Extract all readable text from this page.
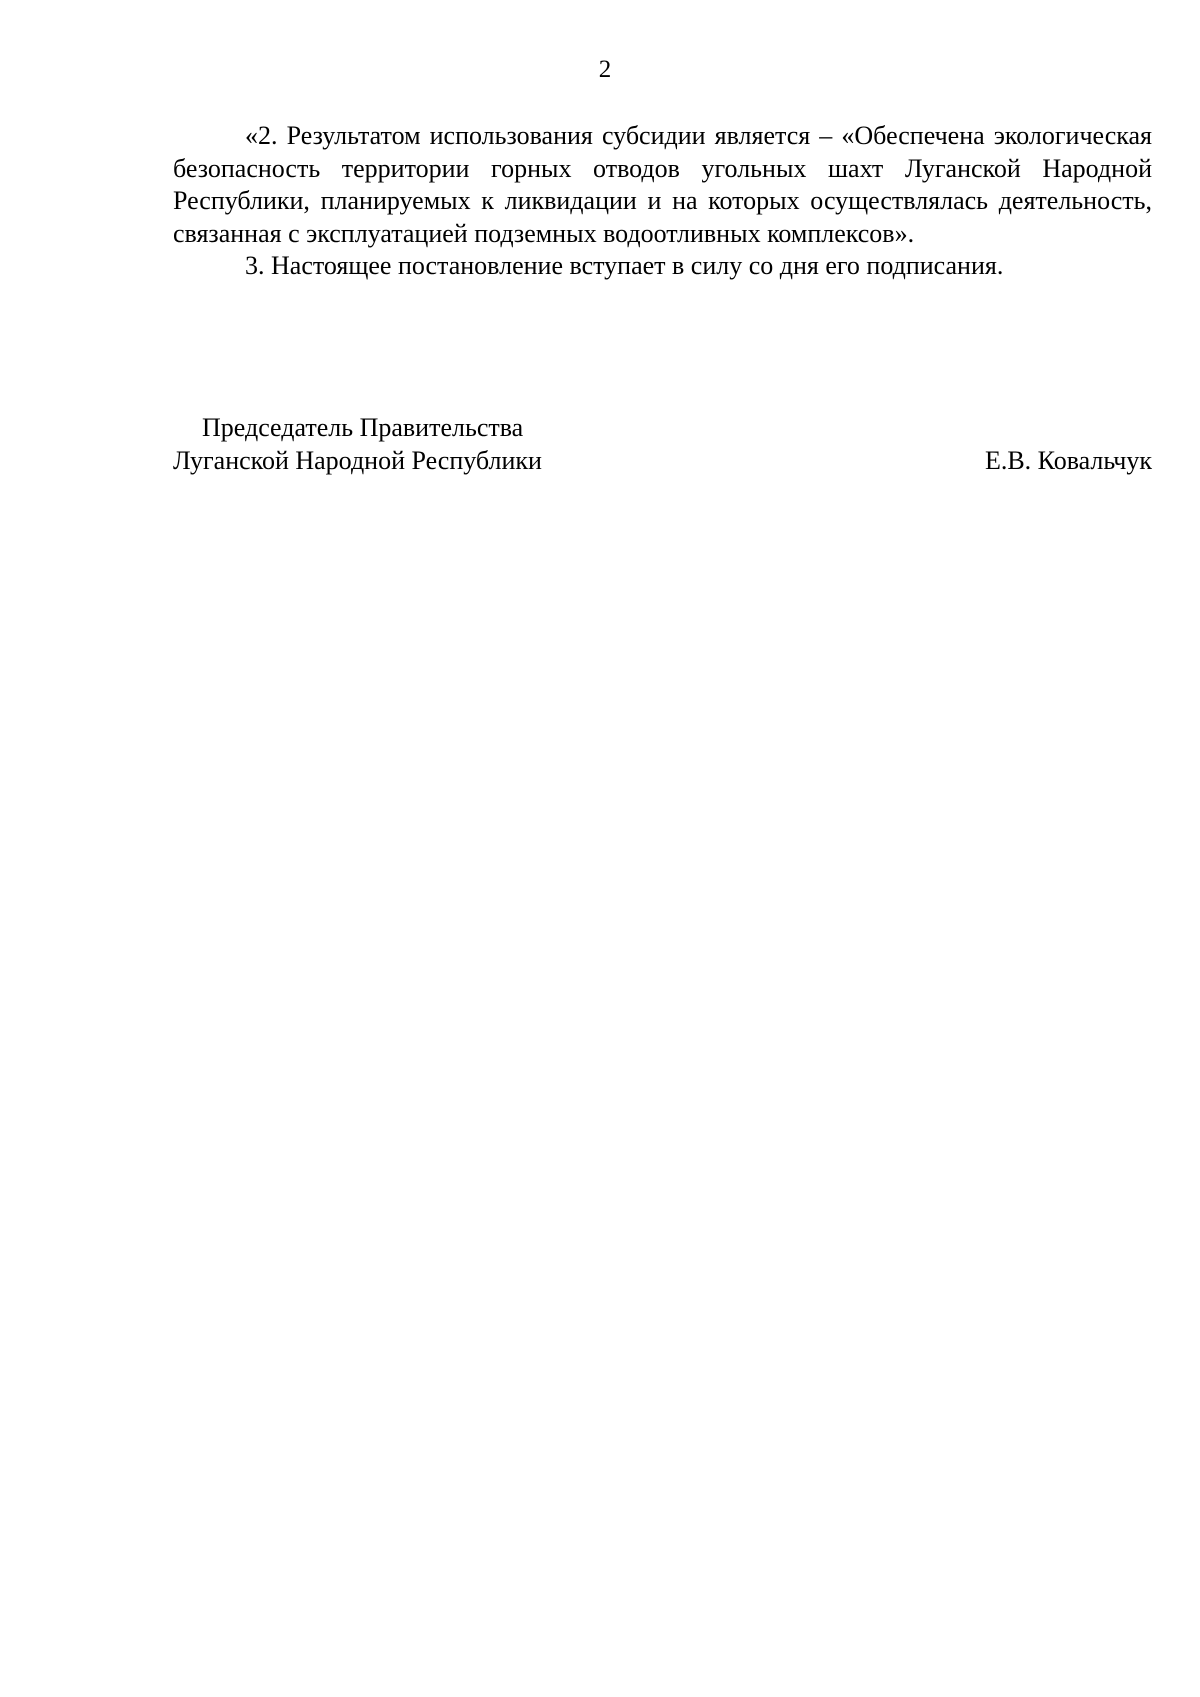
2

«2. Результатом использования субсидии является – «Обеспечена экологическая безопасность территории горных отводов угольных шахт Луганской Народной Республики, планируемых к ликвидации и на которых осуществлялась деятельность, связанная с эксплуатацией подземных водоотливных комплексов».

3. Настоящее постановление вступает в силу со дня его подписания.

Председатель Правительства
Луганской Народной Республики	Е.В. Ковальчук
